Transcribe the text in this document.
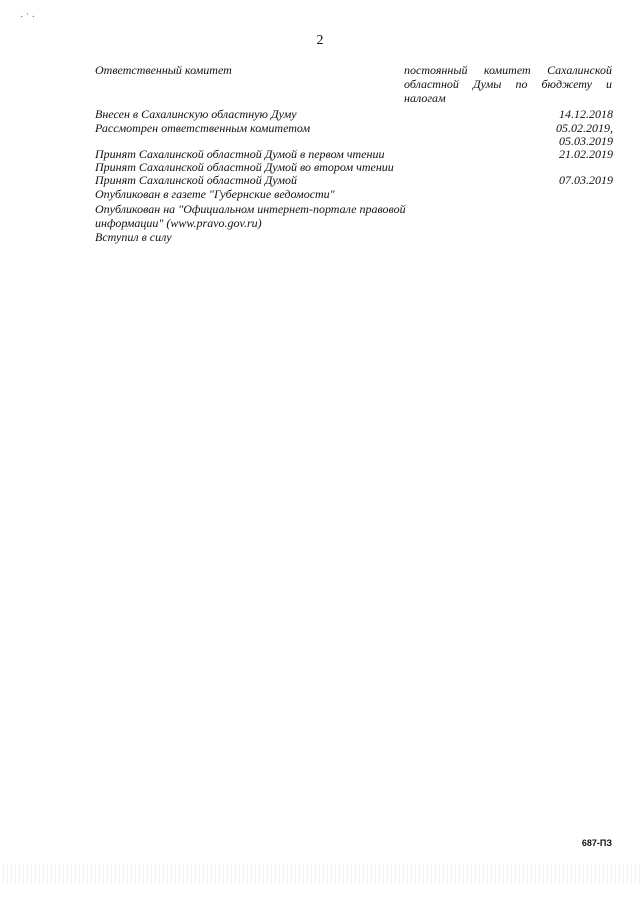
· ˈ ·
2
Ответственный комитет	постоянный комитет Сахалинской
областной Думы по бюджету и
налогам
Внесен в Сахалинскую областную Думу	14.12.2018
Рассмотрен ответственным комитетом	05.02.2019,
05.03.2019
Принят Сахалинской областной Думой в первом чтении	21.02.2019
Принят Сахалинской областной Думой во втором чтении
Принят Сахалинской областной Думой	07.03.2019
Опубликован в газете "Губернские ведомости"
Опубликован на "Официальном интернет-портале правовой
информации" (www.pravo.gov.ru)
Вступил в силу
687-ПЗ
